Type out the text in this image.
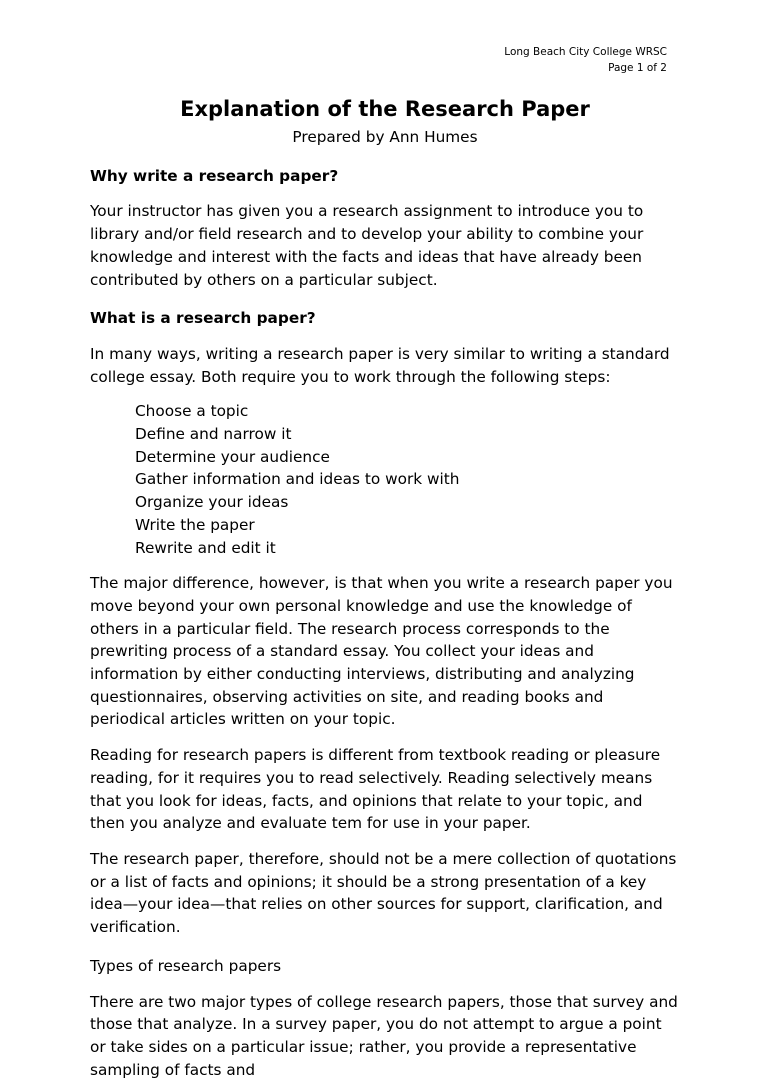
Long Beach City College WRSC
Page 1 of 2
Explanation of the Research Paper
Prepared by Ann Humes
Why write a research paper?

Your instructor has given you a research assignment to introduce you to library and/or field research and to develop your ability to combine your knowledge and interest with the facts and ideas that have already been contributed by others on a particular subject.

What is a research paper?

In many ways, writing a research paper is very similar to writing a standard college essay. Both require you to work through the following steps:

Choose a topic
Define and narrow it
Determine your audience
Gather information and ideas to work with
Organize your ideas
Write the paper
Rewrite and edit it

The major difference, however, is that when you write a research paper you move beyond your own personal knowledge and use the knowledge of others in a particular field. The research process corresponds to the prewriting process of a standard essay. You collect your ideas and information by either conducting interviews, distributing and analyzing questionnaires, observing activities on site, and reading books and periodical articles written on your topic.

Reading for research papers is different from textbook reading or pleasure reading, for it requires you to read selectively. Reading selectively means that you look for ideas, facts, and opinions that relate to your topic, and then you analyze and evaluate tem for use in your paper.

The research paper, therefore, should not be a mere collection of quotations or a list of facts and opinions; it should be a strong presentation of a key idea—your idea—that relies on other sources for support, clarification, and verification.

Types of research papers

There are two major types of college research papers, those that survey and those that analyze. In a survey paper, you do not attempt to argue a point or take sides on a particular issue; rather, you provide a representative sampling of facts and
